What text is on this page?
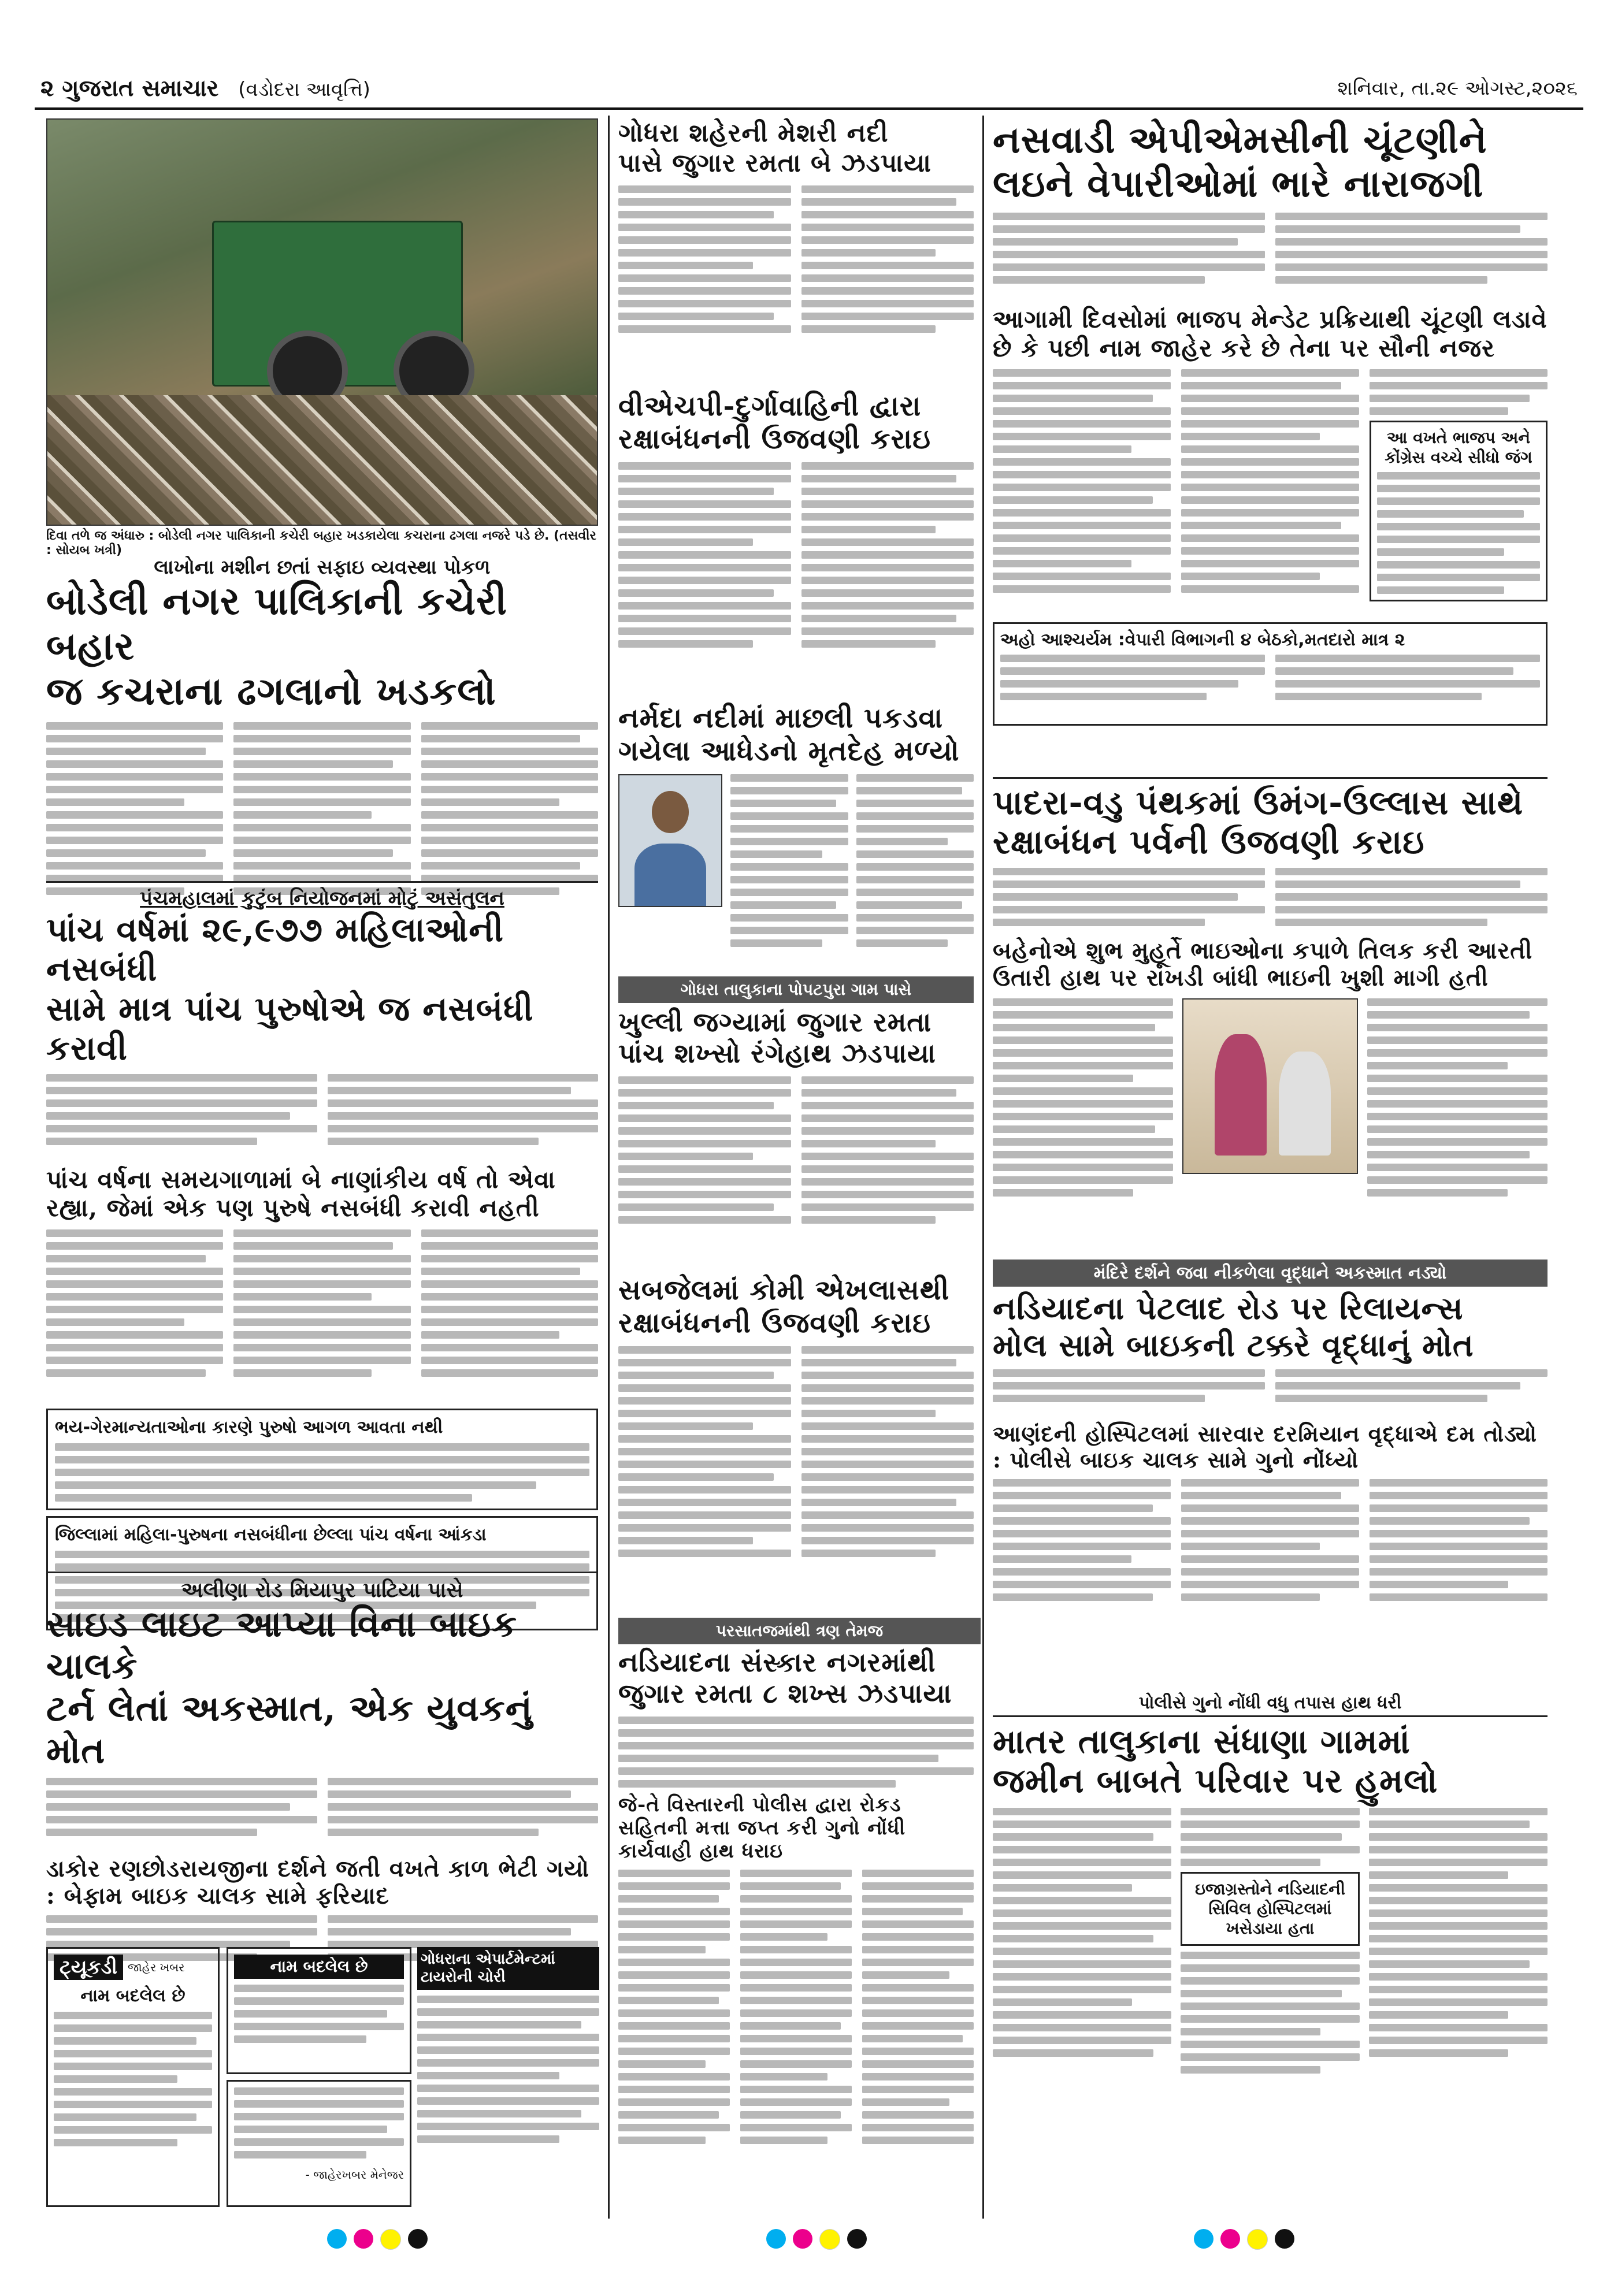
૨ ગુજરાત સમાચાર (વડોદરા આવૃત્તિ)	શનિવાર, તા.૨૯ ઓગસ્ટ,૨૦૨૬
દિવા તળે જ અંધારુ : બોડેલી નગર પાલિકાની કચેરી બહાર ખડકાયેલા કચરાના ઢગલા નજરે પડે છે. (તસવીર : સોયબ ખત્રી)
લાખોના મશીન છતાં સફાઇ વ્યવસ્થા પોકળ
બોડેલી નગર પાલિકાની કચેરી બહાર
જ કચરાના ઢગલાનો ખડકલો
પંચમહાલમાં કુટુંબ નિયોજનમાં મોટું અસંતુલન
પાંચ વર્ષમાં ૨૯,૯૭૭ મહિલાઓની નસબંધી
સામે માત્ર પાંચ પુરુષોએ જ નસબંધી કરાવી
પાંચ વર્ષના સમયગાળામાં બે નાણાંકીય વર્ષ તો એવા રહ્યા, જેમાં એક પણ પુરુષે નસબંધી કરાવી નહતી
ભય-ગેરમાન્યતાઓના કારણે પુરુષો આગળ આવતા નથી
જિલ્લામાં મહિલા-પુરુષના નસબંધીના છેલ્લા પાંચ વર્ષના આંકડા
અલીણા રોડ મિયાપુર પાટિયા પાસે
સાઇડ લાઇટ આપ્યા વિના બાઇક ચાલકે
ટર્ન લેતાં અકસ્માત, એક યુવકનું મોત
ડાકોર રણછોડરાયજીના દર્શને જતી વખતે કાળ ભેટી ગયો : બેફામ બાઇક ચાલક સામે ફરિયાદ
ટ્યૂકડી જાહેર ખબર
નામ બદલેલ છે
નામ બદલેલ છે
- જાહેરખબર મેનેજર
ગોધરાના એપાર્ટમેન્ટમાં ટાયરોની ચોરી
ગોધરા શહેરની મેશરી નદી
પાસે જુગાર રમતા બે ઝડપાયા
વીએચપી-દુર્ગાવાહિની દ્વારા
રક્ષાબંધનની ઉજવણી કરાઇ
નર્મદા નદીમાં માછલી પકડવા
ગયેલા આધેડનો મૃતદેહ મળ્યો
ગોધરા તાલુકાના પોપટપુરા ગામ પાસે
ખુલ્લી જગ્યામાં જુગાર રમતા
પાંચ શખ્સો રંગેહાથ ઝડપાયા
સબજેલમાં કોમી એખલાસથી
રક્ષાબંધનની ઉજવણી કરાઇ
પરસાતજમાંથી ત્રણ તેમજ
નડિયાદના સંસ્કાર નગરમાંથી
જુગાર રમતા ૮ શખ્સ ઝડપાયા
જે-તે વિસ્તારની પોલીસ દ્વારા રોકડ સહિતની મત્તા જપ્ત કરી ગુનો નોંધી કાર્યવાહી હાથ ધરાઇ
નસવાડી એપીએમસીની ચૂંટણીને
લઇને વેપારીઓમાં ભારે નારાજગી
આગામી દિવસોમાં ભાજપ મેન્ડેટ પ્રક્રિયાથી ચૂંટણી લડાવે છે કે પછી નામ જાહેર કરે છે તેના પર સૌની નજર
આ વખતે ભાજપ અને કોંગ્રેસ વચ્ચે સીધો જંગ
અહો આશ્ચર્યમ :વેપારી વિભાગની ૪ બેઠકો,મતદારો માત્ર ૨
પાદરા-વડુ પંથકમાં ઉમંગ-ઉલ્લાસ સાથે
રક્ષાબંધન પર્વની ઉજવણી કરાઇ
બહેનોએ શુભ મુહૂર્તે ભાઇઓના કપાળે તિલક કરી આરતી
ઉતારી હાથ પર રાખડી બાંધી ભાઇની ખુશી માગી હતી
મંદિરે દર્શને જવા નીકળેલા વૃદ્ધાને અકસ્માત નડ્યો
નડિયાદના પેટલાદ રોડ પર રિલાયન્સ
મોલ સામે બાઇકની ટક્કરે વૃદ્ધાનું મોત
આણંદની હોસ્પિટલમાં સારવાર દરમિયાન વૃદ્ધાએ દમ તોડ્યો : પોલીસે બાઇક ચાલક સામે ગુનો નોંધ્યો
પોલીસે ગુનો નોંધી વધુ તપાસ હાથ ધરી
માતર તાલુકાના સંધાણા ગામમાં
જમીન બાબતે પરિવાર પર હુમલો
ઇજાગ્રસ્તોને નડિયાદની સિવિલ હોસ્પિટલમાં ખસેડાયા હતા
